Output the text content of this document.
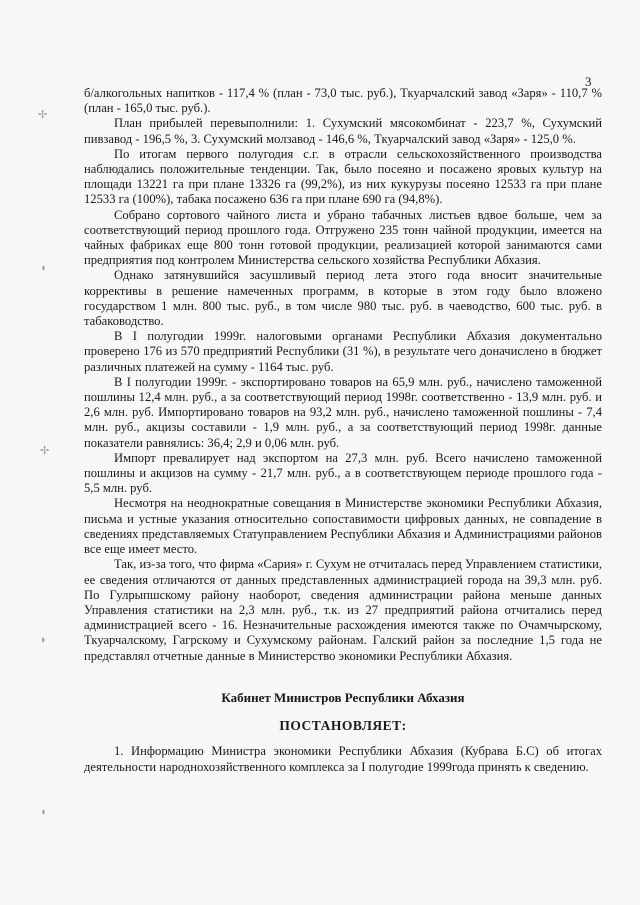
3

б/алкогольных напитков - 117,4 % (план - 73,0 тыс. руб.), Ткуарчалский завод «Заря» - 110,7 % (план - 165,0 тыс. руб.).

План прибылей перевыполнили: 1. Сухумский мясокомбинат - 223,7 %, Сухумский пивзавод - 196,5 %, 3. Сухумский молзавод - 146,6 %, Ткуарчалский завод «Заря» - 125,0 %.

По итогам первого полугодия с.г. в отрасли сельскохозяйственного производства наблюдались положительные тенденции. Так, было посеяно и посажено яровых культур на площади 13221 га при плане 13326 га (99,2%), из них кукурузы посеяно 12533 га при плане 12533 га (100%), табака посажено 636 га при плане 690 га (94,8%).

Собрано сортового чайного листа и убрано табачных листьев вдвое больше, чем за соответствующий период прошлого года. Отгружено 235 тонн чайной продукции, имеется на чайных фабриках еще 800 тонн готовой продукции, реализацией которой занимаются сами предприятия под контролем Министерства сельского хозяйства Республики Абхазия.

Однако затянувшийся засушливый период лета этого года вносит значительные коррективы в решение намеченных программ, в которые в этом году было вложено государством 1 млн. 800 тыс. руб., в том числе 980 тыс. руб. в чаеводство, 600 тыс. руб. в табаководство.

В I полугодии 1999г. налоговыми органами Республики Абхазия документально проверено 176 из 570 предприятий Республики (31 %), в результате чего доначислено в бюджет различных платежей на сумму - 1164 тыс. руб.

В I полугодии 1999г. - экспортировано товаров на 65,9 млн. руб., начислено таможенной пошлины 12,4 млн. руб., а за соответствующий период 1998г. соответственно - 13,9 млн. руб. и 2,6 млн. руб. Импортировано товаров на 93,2 млн. руб., начислено таможенной пошлины - 7,4 млн. руб., акцизы составили - 1,9 млн. руб., а за соответствующий период 1998г. данные показатели равнялись: 36,4; 2,9 и 0,06 млн. руб.

Импорт превалирует над экспортом на 27,3 млн. руб. Всего начислено таможенной пошлины и акцизов на сумму - 21,7 млн. руб., а в соответствующем периоде прошлого года - 5,5 млн. руб.

Несмотря на неоднократные совещания в Министерстве экономики Республики Абхазия, письма и устные указания относительно сопоставимости цифровых данных, не совпадение в сведениях представляемых Статуправлением Республики Абхазия и Администрациями районов все еще имеет место.

Так, из-за того, что фирма «Сария» г. Сухум не отчиталась перед Управлением статистики, ее сведения отличаются от данных представленных администрацией города на 39,3 млн. руб. По Гулрыпшскому району наоборот, сведения администрации района меньше данных Управления статистики на 2,3 млн. руб., т.к. из 27 предприятий района отчитались перед администрацией всего - 16. Незначительные расхождения имеются также по Очамчырскому, Ткуарчалскому, Гагрскому и Сухумскому районам. Галский район за последние 1,5 года не представлял отчетные данные в Министерство экономики Республики Абхазия.

Кабинет Министров Республики Абхазия
ПОСТАНОВЛЯЕТ:
1. Информацию Министра экономики Республики Абхазия (Кубрава Б.С) об итогах деятельности народнохозяйственного комплекса за I полугодие 1999года принять к сведению.
✢
◖
✢
◗
◖
